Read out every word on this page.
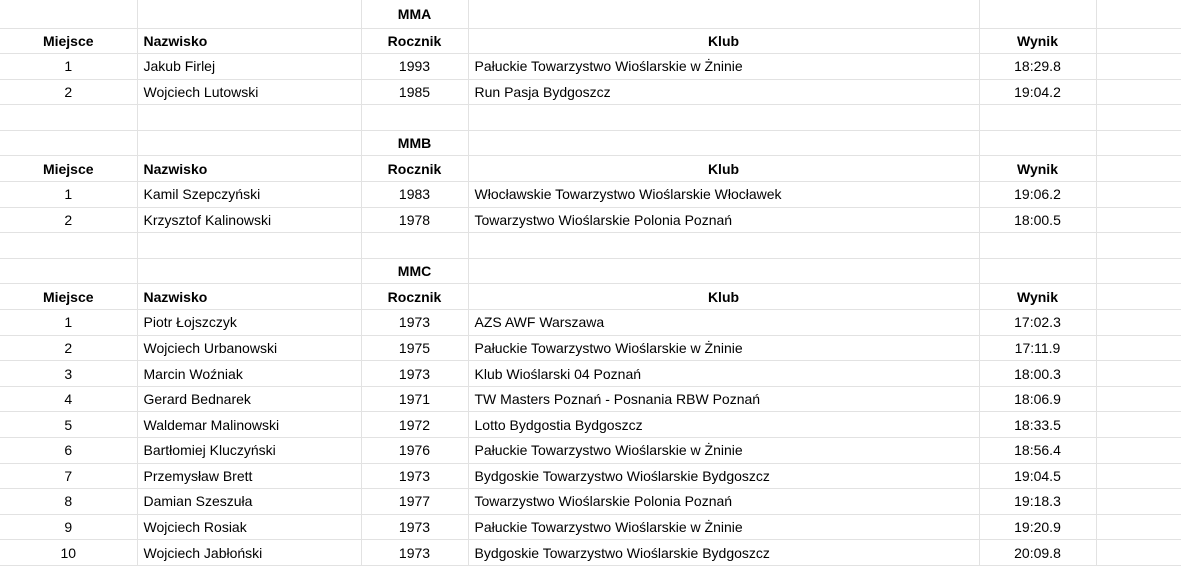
		MMA			
Miejsce	Nazwisko	Rocznik	Klub	Wynik	
1	Jakub Firlej	1993	Pałuckie Towarzystwo Wioślarskie w Żninie	18:29.8	
2	Wojciech Lutowski	1985	Run Pasja Bydgoszcz	19:04.2	

		MMB			
Miejsce	Nazwisko	Rocznik	Klub	Wynik	
1	Kamil Szepczyński	1983	Włocławskie Towarzystwo Wioślarskie Włocławek	19:06.2	
2	Krzysztof Kalinowski	1978	Towarzystwo Wioślarskie Polonia Poznań	18:00.5	

		MMC			
Miejsce	Nazwisko	Rocznik	Klub	Wynik	
1	Piotr Łojszczyk	1973	AZS AWF Warszawa	17:02.3	
2	Wojciech Urbanowski	1975	Pałuckie Towarzystwo Wioślarskie w Żninie	17:11.9	
3	Marcin Woźniak	1973	Klub Wioślarski 04 Poznań	18:00.3	
4	Gerard Bednarek	1971	TW Masters Poznań - Posnania RBW Poznań	18:06.9	
5	Waldemar Malinowski	1972	Lotto Bydgostia Bydgoszcz	18:33.5	
6	Bartłomiej Kluczyński	1976	Pałuckie Towarzystwo Wioślarskie w Żninie	18:56.4	
7	Przemysław Brett	1973	Bydgoskie Towarzystwo Wioślarskie Bydgoszcz	19:04.5	
8	Damian Szeszuła	1977	Towarzystwo Wioślarskie Polonia Poznań	19:18.3	
9	Wojciech Rosiak	1973	Pałuckie Towarzystwo Wioślarskie w Żninie	19:20.9	
10	Wojciech Jabłoński	1973	Bydgoskie Towarzystwo Wioślarskie Bydgoszcz	20:09.8	
